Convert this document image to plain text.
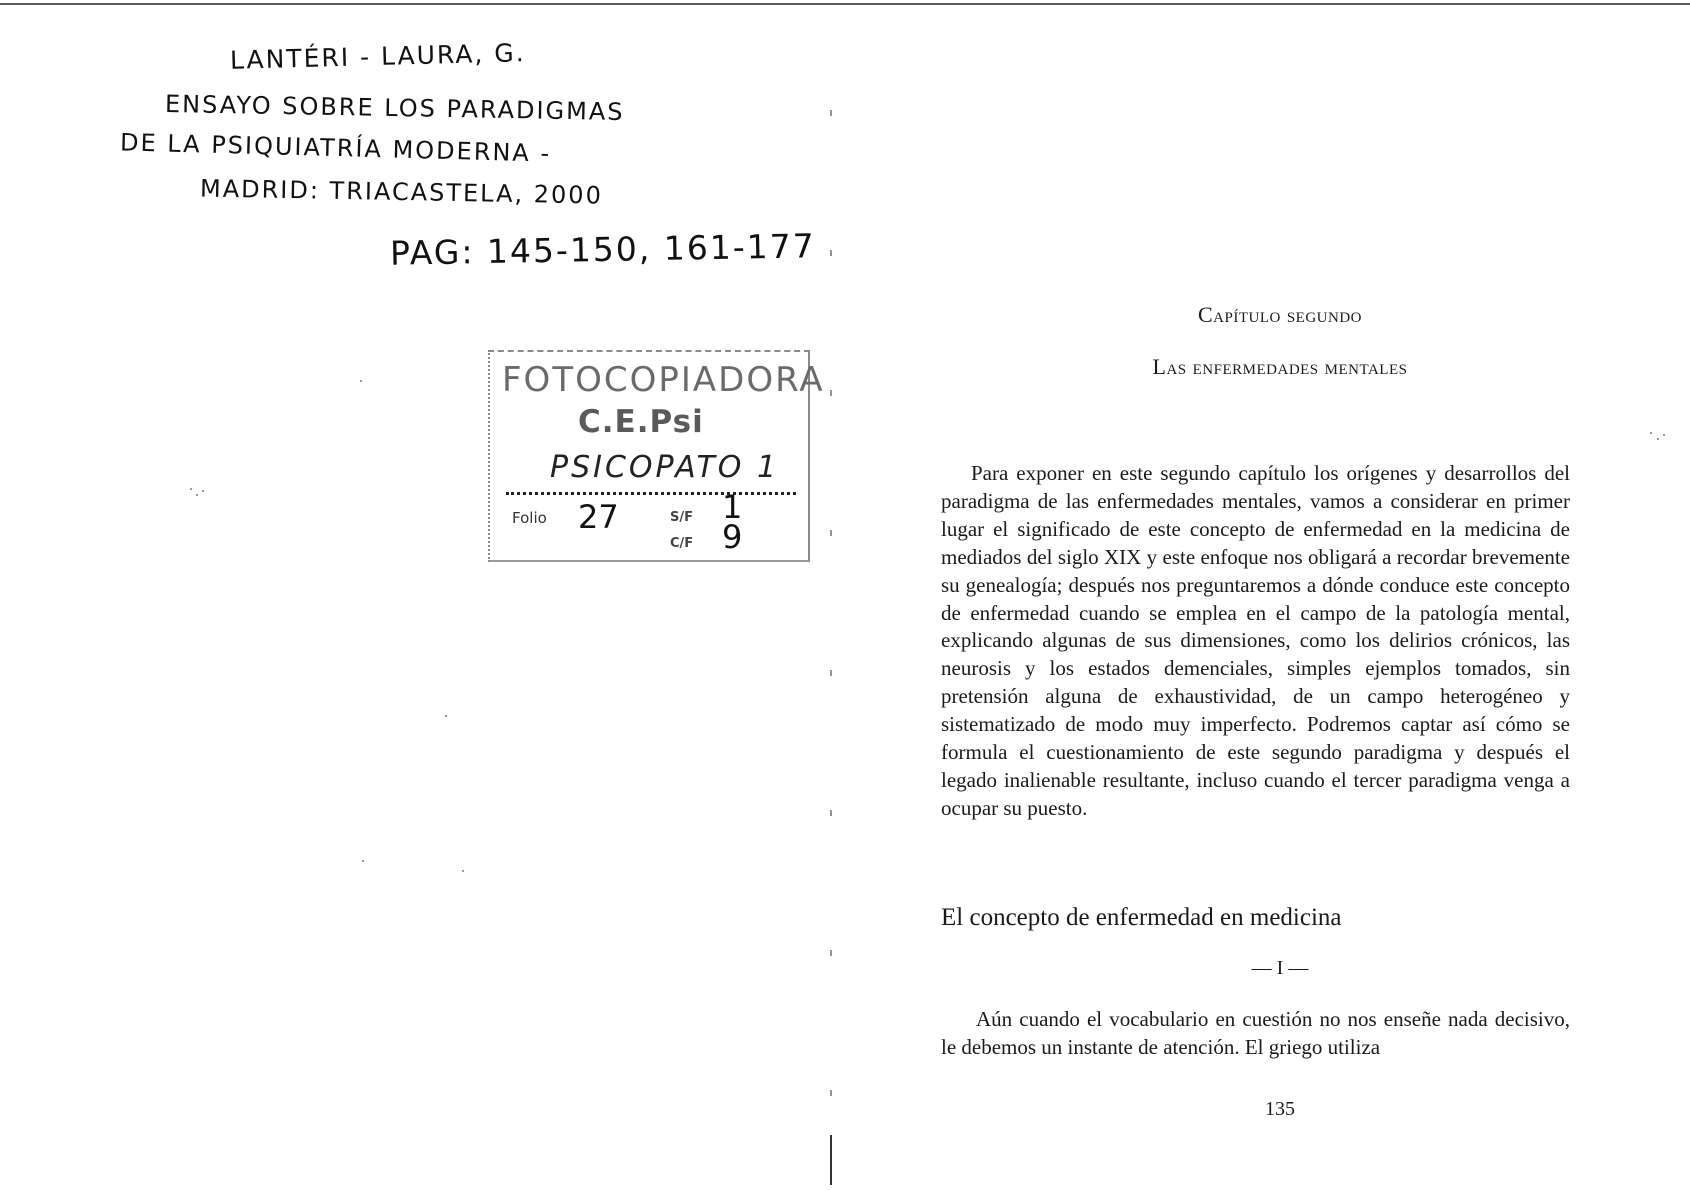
LANTÉRI - LAURA, G.
ENSAYO SOBRE LOS PARADIGMAS
DE LA PSIQUIATRÍA MODERNA -
MADRID: TRIACASTELA, 2000
PAG: 145-150, 161-177
FOTOCOPIADORA
C.E.Psi
PSICOPATO 1
Folio 27	S/F 1
C/F 9
Capítulo segundo
Las enfermedades mentales

Para exponer en este segundo capítulo los orígenes y desarrollos del paradigma de las enfermedades mentales, vamos a considerar en primer lugar el significado de este concepto de enfermedad en la medicina de mediados del siglo XIX y este enfoque nos obligará a recordar brevemente su genealogía; después nos preguntaremos a dónde conduce este concepto de enfermedad cuando se emplea en el campo de la patología mental, explicando algunas de sus dimensiones, como los delirios crónicos, las neurosis y los estados demenciales, simples ejemplos tomados, sin pretensión alguna de exhaustividad, de un campo heterogéneo y sistematizado de modo muy imperfecto. Podremos captar así cómo se formula el cuestionamiento de este segundo paradigma y después el legado inalienable resultante, incluso cuando el tercer paradigma venga a ocupar su puesto.

El concepto de enfermedad en medicina
— I —

Aún cuando el vocabulario en cuestión no nos enseñe nada decisivo, le debemos un instante de atención. El griego utiliza

135
